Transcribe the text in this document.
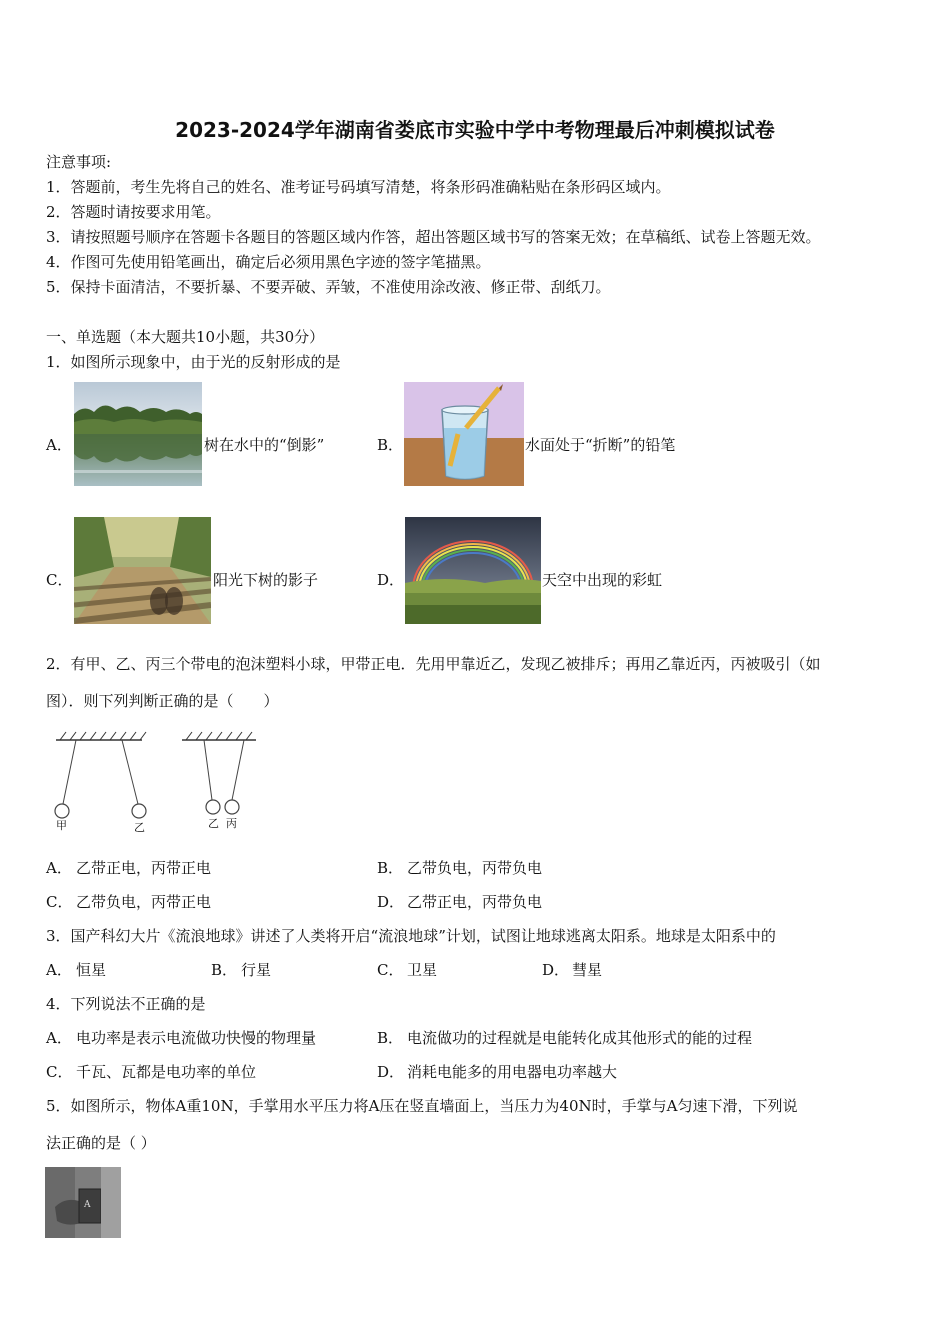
2023-2024学年湖南省娄底市实验中学中考物理最后冲刺模拟试卷
注意事项:
1．答题前，考生先将自己的姓名、准考证号码填写清楚，将条形码准确粘贴在条形码区域内。
2．答题时请按要求用笔。
3．请按照题号顺序在答题卡各题目的答题区域内作答，超出答题区域书写的答案无效；在草稿纸、试卷上答题无效。
4．作图可先使用铅笔画出，确定后必须用黑色字迹的签字笔描黑。
5．保持卡面清洁，不要折暴、不要弄破、弄皱，不准使用涂改液、修正带、刮纸刀。
一、单选题（本大题共10小题，共30分）
1．如图所示现象中，由于光的反射形成的是
A．	树在水中的“倒影”	B．	水面处于“折断”的铅笔
C．	阳光下树的影子	D．	天空中出现的彩虹
2．有甲、乙、丙三个带电的泡沫塑料小球，甲带正电．先用甲靠近乙，发现乙被排斥；再用乙靠近丙，丙被吸引（如
图）．则下列判断正确的是（　　）
甲	乙	乙 丙
A． 乙带正电，丙带正电	B． 乙带负电，丙带负电
C． 乙带负电，丙带正电	D． 乙带正电，丙带负电
3．国产科幻大片《流浪地球》讲述了人类将开启“流浪地球”计划，试图让地球逃离太阳系。地球是太阳系中的
A． 恒星	B． 行星	C． 卫星	D． 彗星
4．下列说法不正确的是
A． 电功率是表示电流做功快慢的物理量	B． 电流做功的过程就是电能转化成其他形式的能的过程
C． 千瓦、瓦都是电功率的单位	D． 消耗电能多的用电器电功率越大
5．如图所示，物体A重10N，手掌用水平压力将A压在竖直墙面上，当压力为40N时，手掌与A匀速下滑，下列说
法正确的是（ ）
A
